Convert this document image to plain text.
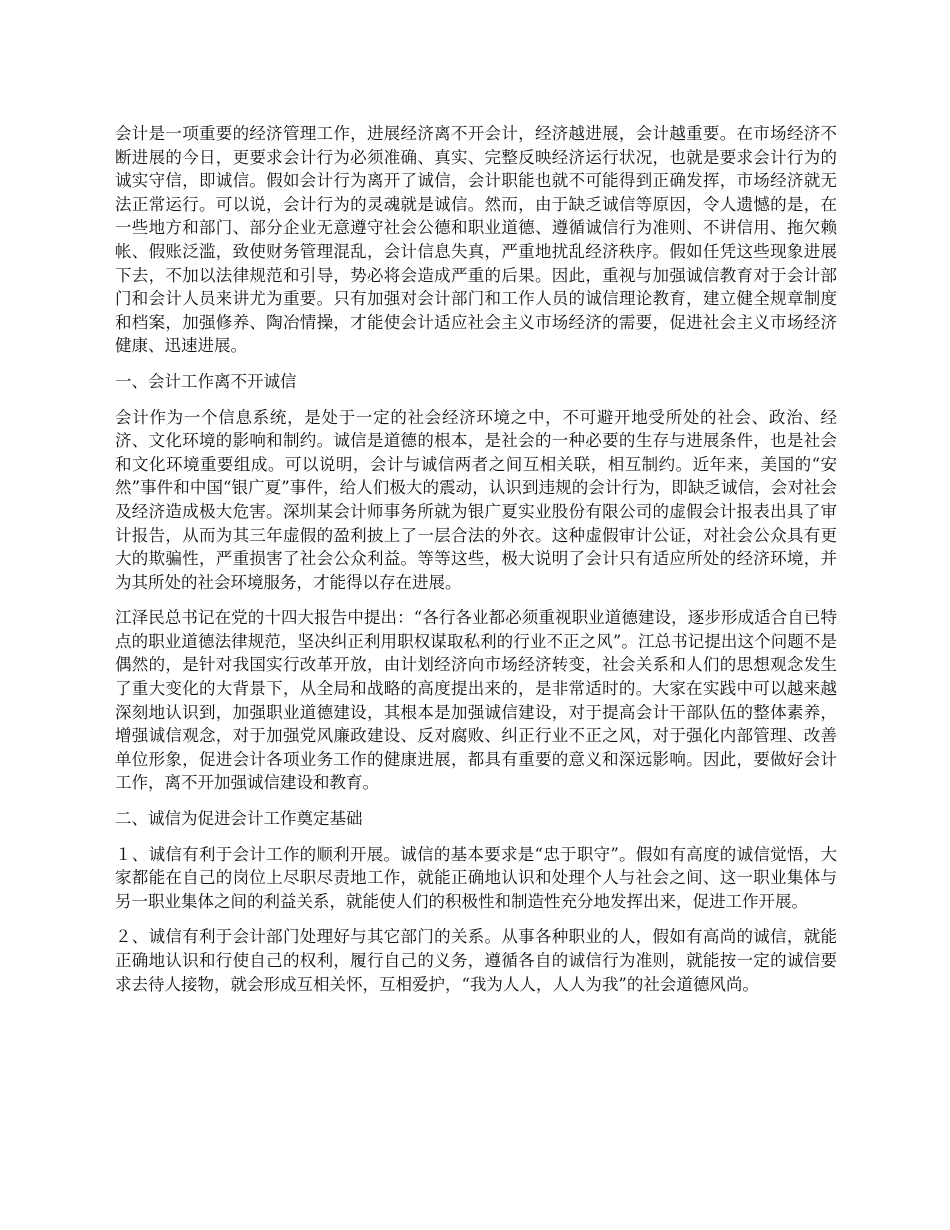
会计是一项重要的经济管理工作，进展经济离不开会计，经济越进展，会计越重要。在市场经济不断进展的今日，更要求会计行为必须准确、真实、完整反映经济运行状况，也就是要求会计行为的诚实守信，即诚信。假如会计行为离开了诚信，会计职能也就不可能得到正确发挥，市场经济就无法正常运行。可以说，会计行为的灵魂就是诚信。然而，由于缺乏诚信等原因，令人遗憾的是，在一些地方和部门、部分企业无意遵守社会公德和职业道德、遵循诚信行为准则、不讲信用、拖欠赖帐、假账泛滥，致使财务管理混乱，会计信息失真，严重地扰乱经济秩序。假如任凭这些现象进展下去，不加以法律规范和引导，势必将会造成严重的后果。因此，重视与加强诚信教育对于会计部门和会计人员来讲尤为重要。只有加强对会计部门和工作人员的诚信理论教育，建立健全规章制度和档案，加强修养、陶冶情操，才能使会计适应社会主义市场经济的需要，促进社会主义市场经济健康、迅速进展。

一、会计工作离不开诚信

会计作为一个信息系统，是处于一定的社会经济环境之中，不可避开地受所处的社会、政治、经济、文化环境的影响和制约。诚信是道德的根本，是社会的一种必要的生存与进展条件，也是社会和文化环境重要组成。可以说明，会计与诚信两者之间互相关联，相互制约。近年来，美国的“安然”事件和中国“银广夏”事件，给人们极大的震动，认识到违规的会计行为，即缺乏诚信，会对社会及经济造成极大危害。深圳某会计师事务所就为银广夏实业股份有限公司的虚假会计报表出具了审计报告，从而为其三年虚假的盈利披上了一层合法的外衣。这种虚假审计公证，对社会公众具有更大的欺骗性，严重损害了社会公众利益。等等这些，极大说明了会计只有适应所处的经济环境，并为其所处的社会环境服务，才能得以存在进展。

江泽民总书记在党的十四大报告中提出：“各行各业都必须重视职业道德建设，逐步形成适合自已特点的职业道德法律规范，坚决纠正利用职权谋取私利的行业不正之风”。江总书记提出这个问题不是偶然的，是针对我国实行改革开放，由计划经济向市场经济转变，社会关系和人们的思想观念发生了重大变化的大背景下，从全局和战略的高度提出来的，是非常适时的。大家在实践中可以越来越深刻地认识到，加强职业道德建设，其根本是加强诚信建设，对于提高会计干部队伍的整体素养，增强诚信观念，对于加强党风廉政建设、反对腐败、纠正行业不正之风，对于强化内部管理、改善单位形象，促进会计各项业务工作的健康进展，都具有重要的意义和深远影响。因此，要做好会计工作，离不开加强诚信建设和教育。

二、诚信为促进会计工作奠定基础

１、诚信有利于会计工作的顺利开展。诚信的基本要求是“忠于职守”。假如有高度的诚信觉悟，大家都能在自己的岗位上尽职尽责地工作，就能正确地认识和处理个人与社会之间、这一职业集体与另一职业集体之间的利益关系，就能使人们的积极性和制造性充分地发挥出来，促进工作开展。

２、诚信有利于会计部门处理好与其它部门的关系。从事各种职业的人，假如有高尚的诚信，就能正确地认识和行使自己的权利，履行自己的义务，遵循各自的诚信行为准则，就能按一定的诚信要求去待人接物，就会形成互相关怀，互相爱护，“我为人人，人人为我”的社会道德风尚。
